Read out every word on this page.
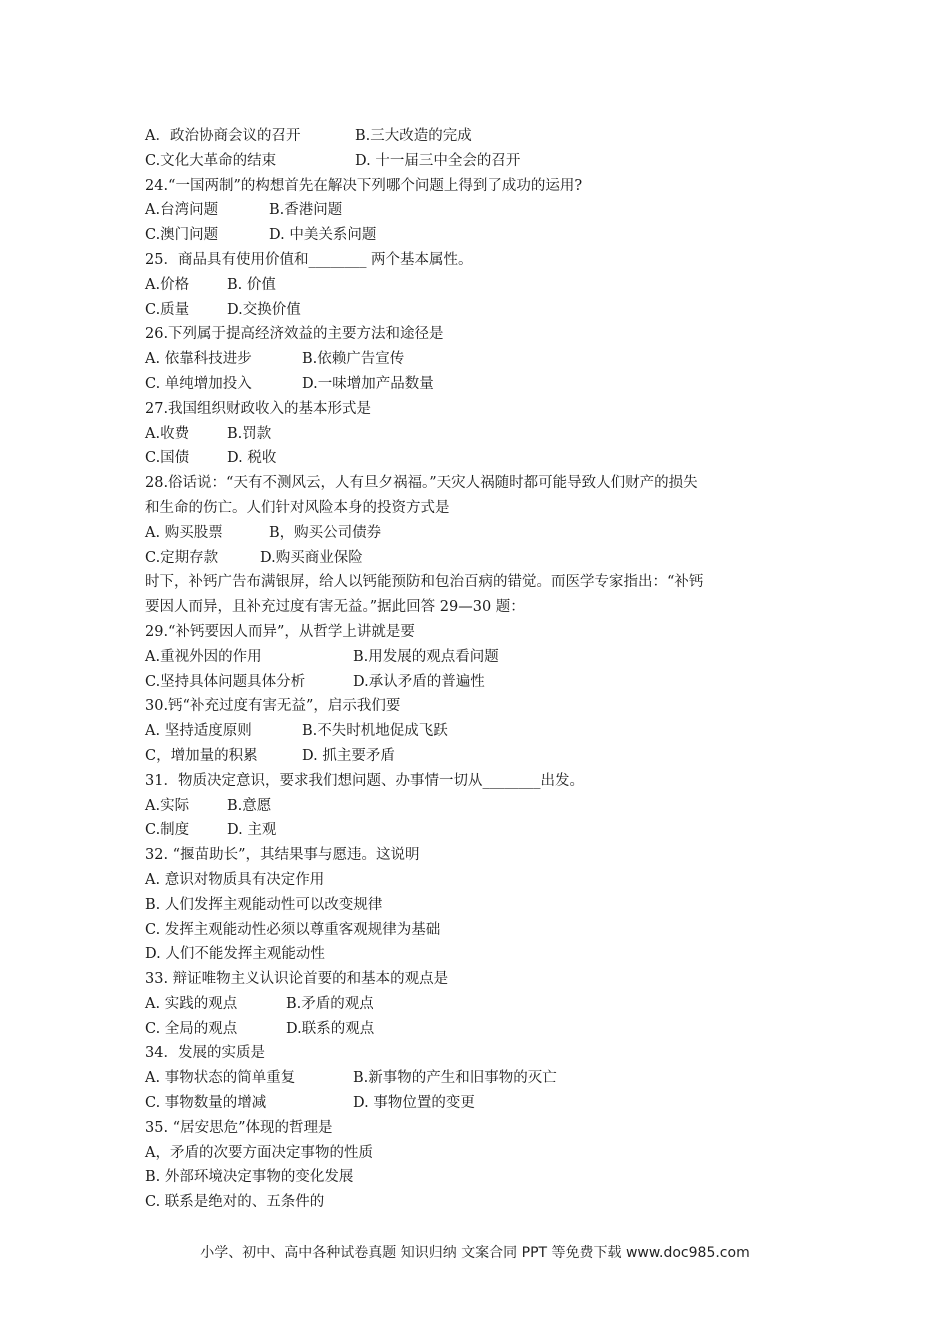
A．政治协商会议的召开	B.三大改造的完成
C.文化大革命的结束	D. 十一届三中全会的召开
24.“一国两制”的构想首先在解决下列哪个问题上得到了成功的运用?
A.台湾问题	B.香港问题
C.澳门问题	D. 中美关系问题
25．商品具有使用价值和________ 两个基本属性。
A.价格	B. 价值
C.质量	D.交换价值
26.下列属于提高经济效益的主要方法和途径是
A. 依靠科技进步	B.依赖广告宣传
C. 单纯增加投入	D.一味增加产品数量
27.我国组织财政收入的基本形式是
A.收费	B.罚款
C.国债	D. 税收
28.俗话说：“天有不测风云，人有旦夕祸福。”天灾人祸随时都可能导致人们财产的损失
和生命的伤亡。人们针对风险本身的投资方式是
A. 购买股票	B，购买公司债券
C.定期存款	D.购买商业保险
时下，补钙广告布满银屏，给人以钙能预防和包治百病的错觉。而医学专家指出：“补钙
要因人而异，且补充过度有害无益。”据此回答 29—30 题：
29.“补钙要因人而异”，从哲学上讲就是要
A.重视外因的作用	B.用发展的观点看问题
C.坚持具体问题具体分析	D.承认矛盾的普遍性
30.钙“补充过度有害无益”，启示我们要
A. 坚持适度原则	B.不失时机地促成飞跃
C，增加量的积累	D. 抓主要矛盾
31．物质决定意识，要求我们想问题、办事情一切从________出发。
A.实际	B.意愿
C.制度	D. 主观
32. “揠苗助长”，其结果事与愿违。这说明
A. 意识对物质具有决定作用
B. 人们发挥主观能动性可以改变规律
C. 发挥主观能动性必须以尊重客观规律为基础
D. 人们不能发挥主观能动性
33. 辩证唯物主义认识论首要的和基本的观点是
A. 实践的观点	B.矛盾的观点
C. 全局的观点	D.联系的观点
34．发展的实质是
A. 事物状态的简单重复	B.新事物的产生和旧事物的灭亡
C. 事物数量的增减	D. 事物位置的变更
35. “居安思危”体现的哲理是
A，矛盾的次要方面决定事物的性质
B. 外部环境决定事物的变化发展
C. 联系是绝对的、五条件的
小学、初中、高中各种试卷真题 知识归纳 文案合同 PPT 等免费下载 www.doc985.com
